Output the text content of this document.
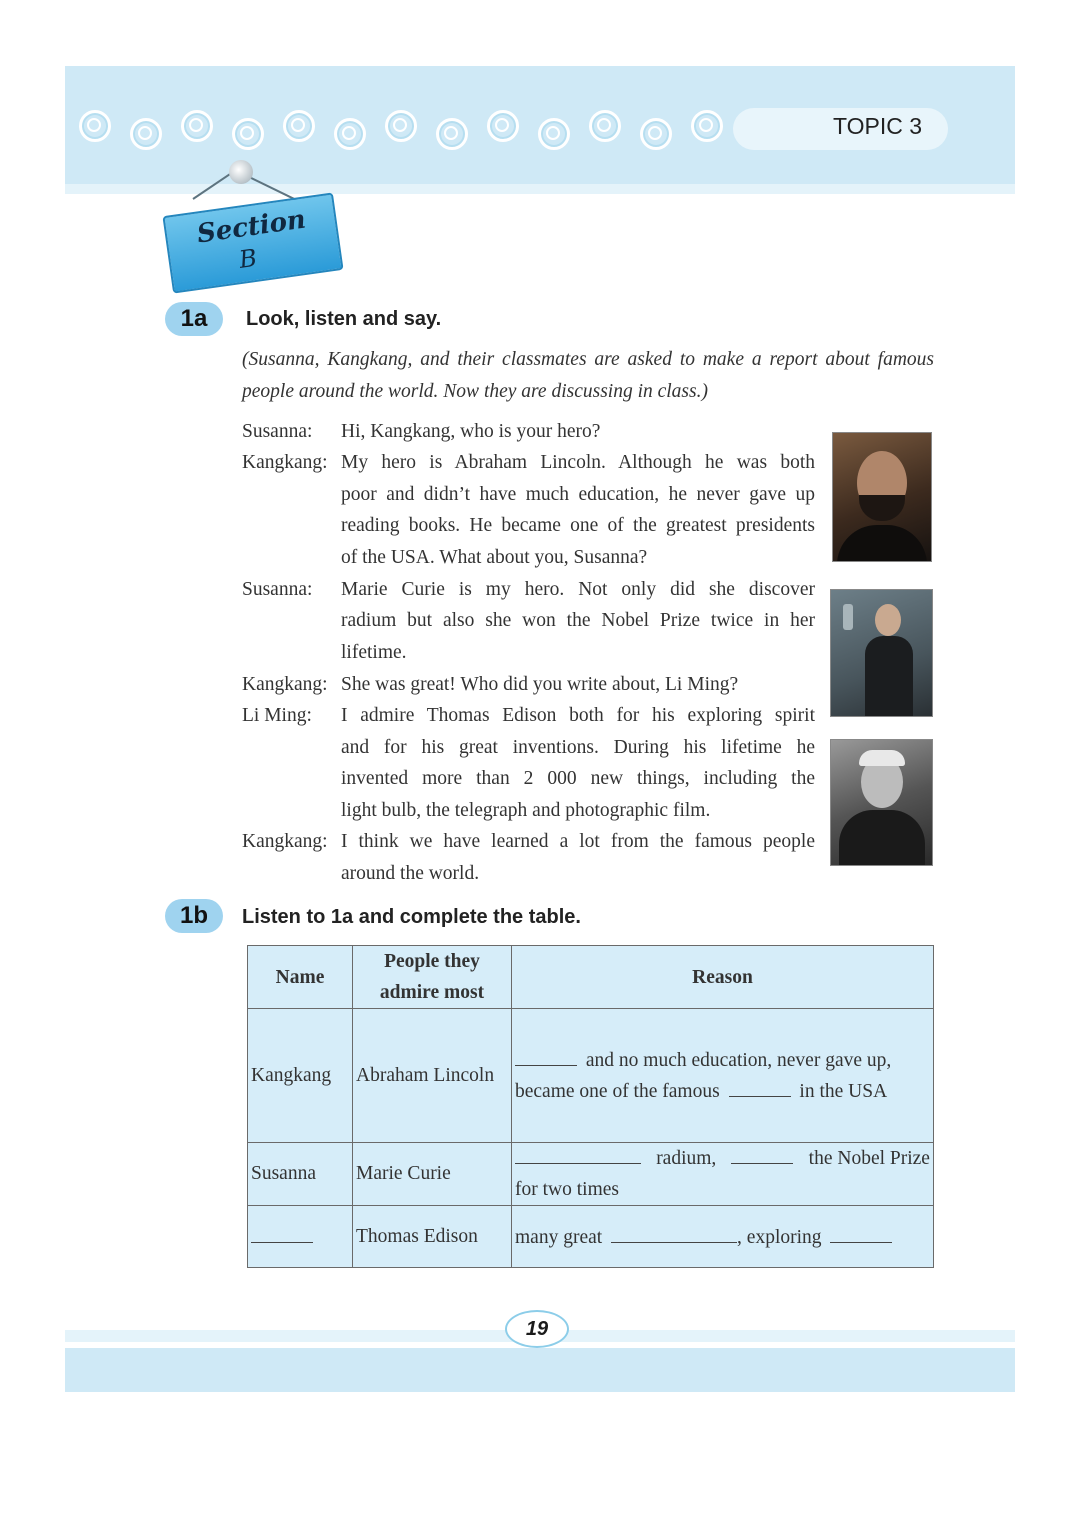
TOPIC 3
Section
B
1a	Look, listen and say.
(Susanna, Kangkang, and their classmates are asked to make a report about famous people around the world. Now they are discussing in class.)
Susanna: Hi, Kangkang, who is your hero?
Kangkang: My hero is Abraham Lincoln. Although he was both
poor and didn’t have much education, he never gave up
reading books. He became one of the greatest presidents
of the USA. What about you, Susanna?
Susanna: Marie Curie is my hero. Not only did she discover
radium but also she won the Nobel Prize twice in her
lifetime.
Kangkang: She was great! Who did you write about, Li Ming?
Li Ming: I admire Thomas Edison both for his exploring spirit
and for his great inventions. During his lifetime he
invented more than 2 000 new things, including the
light bulb, the telegraph and photographic film.
Kangkang: I think we have learned a lot from the famous people
around the world.
1b	Listen to 1a and complete the table.
Name	People they
admire most	Reason
Kangkang	Abraham Lincoln	and no much education, never gave up,
became one of the famous in the USA

Susanna	Marie Curie	radium, the Nobel Prize
for two times

	Thomas Edison	many great , exploring
19
